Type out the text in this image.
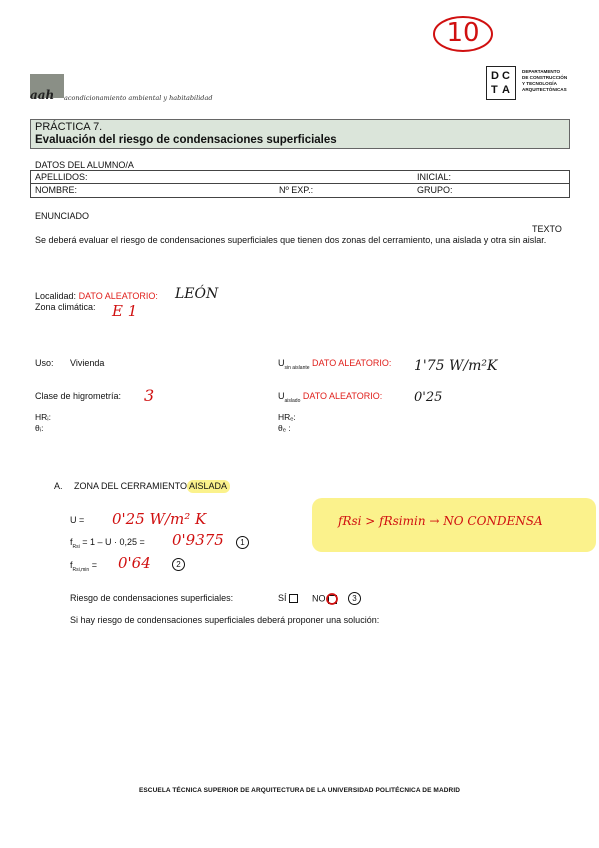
10
aah acondicionamiento ambiental y habitabilidad
D C
T A
DEPARTAMENTO
DE CONSTRUCCIÓN
Y TECNOLOGÍA
ARQUITECTÓNICAS
PRÁCTICA 7.
Evaluación del riesgo de condensaciones superficiales
DATOS DEL ALUMNO/A
APELLIDOS:	INICIAL:
NOMBRE:	Nº EXP.:	GRUPO:
ENUNCIADO
TEXTO
Se deberá evaluar el riesgo de condensaciones superficiales que tienen dos zonas del cerramiento, una aislada y otra sin aislar.
Localidad: DATO ALEATORIO: LEÓN
Zona climática: E 1
Uso: Vivienda	$U_{sin aislante}$ DATO ALEATORIO: 1'75 W/m²K
Clase de higrometría: 3	$U_{aislado}$ DATO ALEATORIO: 0'25
HRᵢ:
θᵢ:
HRₑ:
θₑ :
A. ZONA DEL CERRAMIENTO AISLADA
fRsi > fRsimin → NO CONDENSA
U = 0'25 W/m² K
$f_{Rsi} = 1 - U \cdot 0,25 = 0'9375$	1
$f_{Rsi,min} = 0'64$	2
Riesgo de condensaciones superficiales:	SÍ	NO	3
Si hay riesgo de condensaciones superficiales deberá proponer una solución:
ESCUELA TÉCNICA SUPERIOR DE ARQUITECTURA DE LA UNIVERSIDAD POLITÉCNICA DE MADRID
